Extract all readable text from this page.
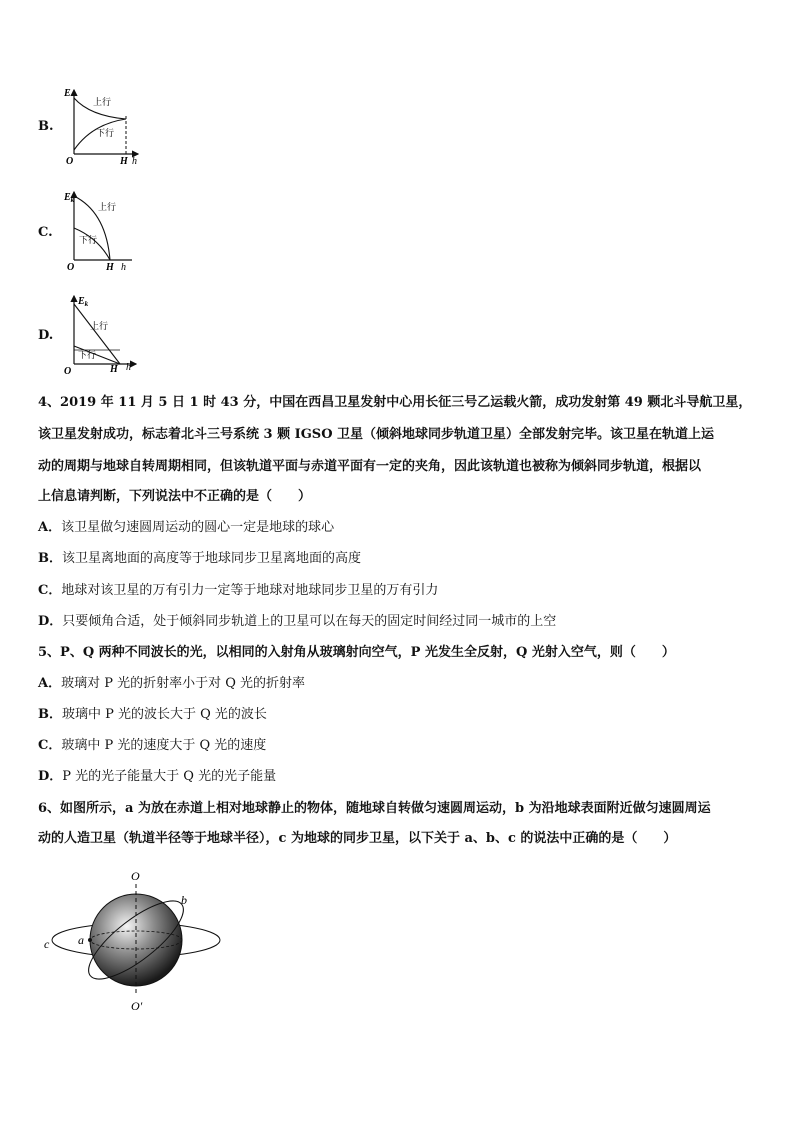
B.
E
O	H h
上行
下行
C.
$E_k$
O	H h
上行
下行
D.
$E_k$
O	H h
上行
下行
4、2019 年 11 月 5 日 1 时 43 分，中国在西昌卫星发射中心用长征三号乙运载火箭，成功发射第 49 颗北斗导航卫星，
该卫星发射成功，标志着北斗三号系统 3 颗 IGSO 卫星（倾斜地球同步轨道卫星）全部发射完毕。该卫星在轨道上运
动的周期与地球自转周期相同，但该轨道平面与赤道平面有一定的夹角，因此该轨道也被称为倾斜同步轨道，根据以
上信息请判断，下列说法中不正确的是（　　）
A．该卫星做匀速圆周运动的圆心一定是地球的球心
B．该卫星离地面的高度等于地球同步卫星离地面的高度
C．地球对该卫星的万有引力一定等于地球对地球同步卫星的万有引力
D．只要倾角合适，处于倾斜同步轨道上的卫星可以在每天的固定时间经过同一城市的上空
5、P、Q 两种不同波长的光，以相同的入射角从玻璃射向空气，P 光发生全反射，Q 光射入空气，则（　　）
A．玻璃对 P 光的折射率小于对 Q 光的折射率
B．玻璃中 P 光的波长大于 Q 光的波长
C．玻璃中 P 光的速度大于 Q 光的速度
D．P 光的光子能量大于 Q 光的光子能量
6、如图所示，a 为放在赤道上相对地球静止的物体，随地球自转做匀速圆周运动，b 为沿地球表面附近做匀速圆周运
动的人造卫星（轨道半径等于地球半径），c 为地球的同步卫星，以下关于 a、b、c 的说法中正确的是（　　）
O
O′
a
b
c
